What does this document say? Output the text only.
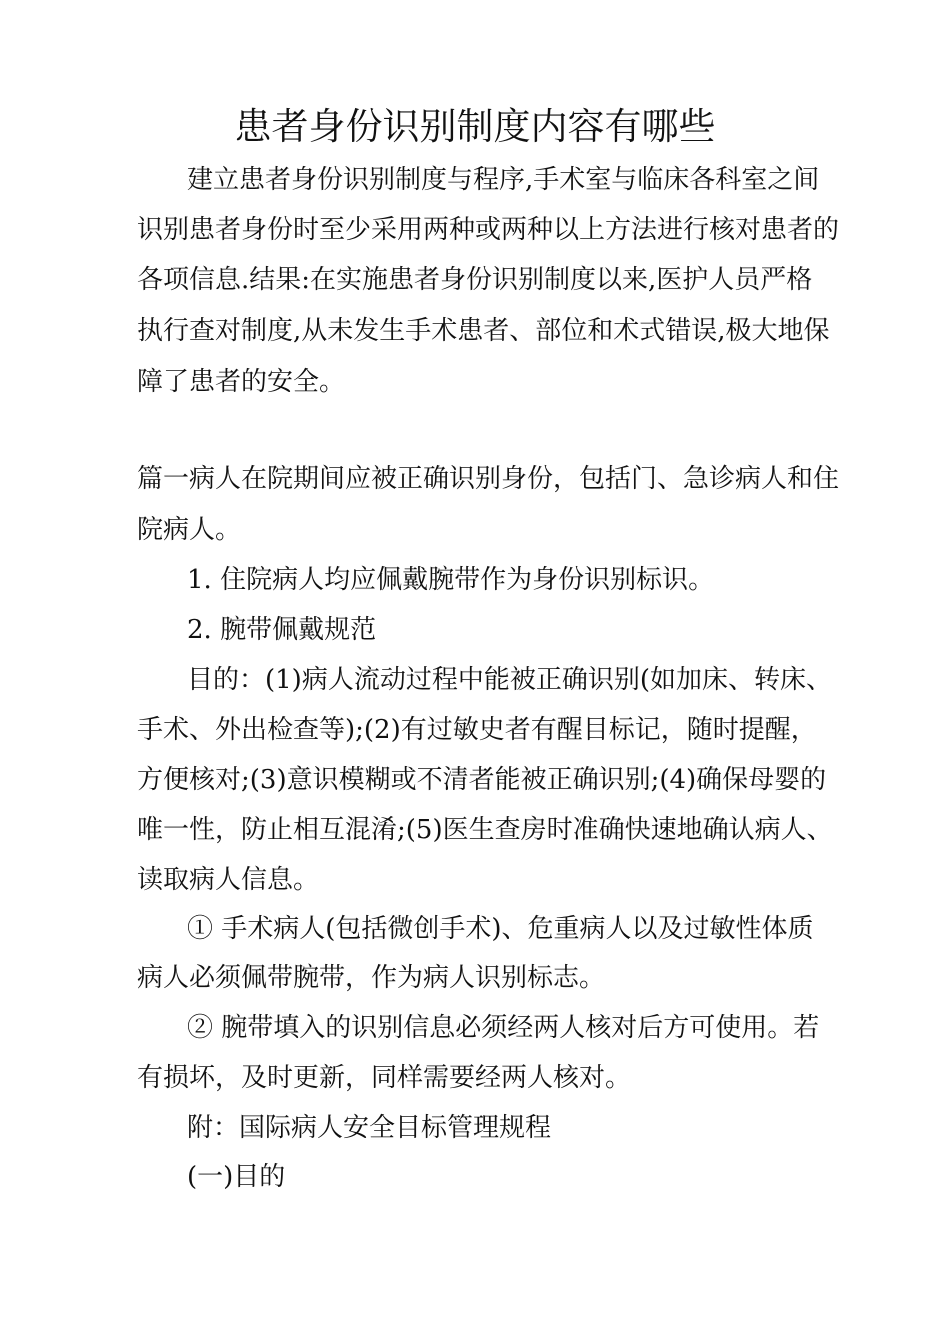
患者身份识别制度内容有哪些
建立患者身份识别制度与程序,手术室与临床各科室之间
识别患者身份时至少采用两种或两种以上方法进行核对患者的
各项信息.结果:在实施患者身份识别制度以来,医护人员严格
执行查对制度,从未发生手术患者、部位和术式错误,极大地保
障了患者的安全。
篇一病人在院期间应被正确识别身份，包括门、急诊病人和住
院病人。
1. 住院病人均应佩戴腕带作为身份识别标识。
2. 腕带佩戴规范
目的：(1)病人流动过程中能被正确识别(如加床、转床、
手术、外出检查等);(2)有过敏史者有醒目标记，随时提醒，
方便核对;(3)意识模糊或不清者能被正确识别;(4)确保母婴的
唯一性，防止相互混淆;(5)医生查房时准确快速地确认病人、
读取病人信息。
① 手术病人(包括微创手术)、危重病人以及过敏性体质
病人必须佩带腕带，作为病人识别标志。
② 腕带填入的识别信息必须经两人核对后方可使用。若
有损坏，及时更新，同样需要经两人核对。
附：国际病人安全目标管理规程
(一)目的
